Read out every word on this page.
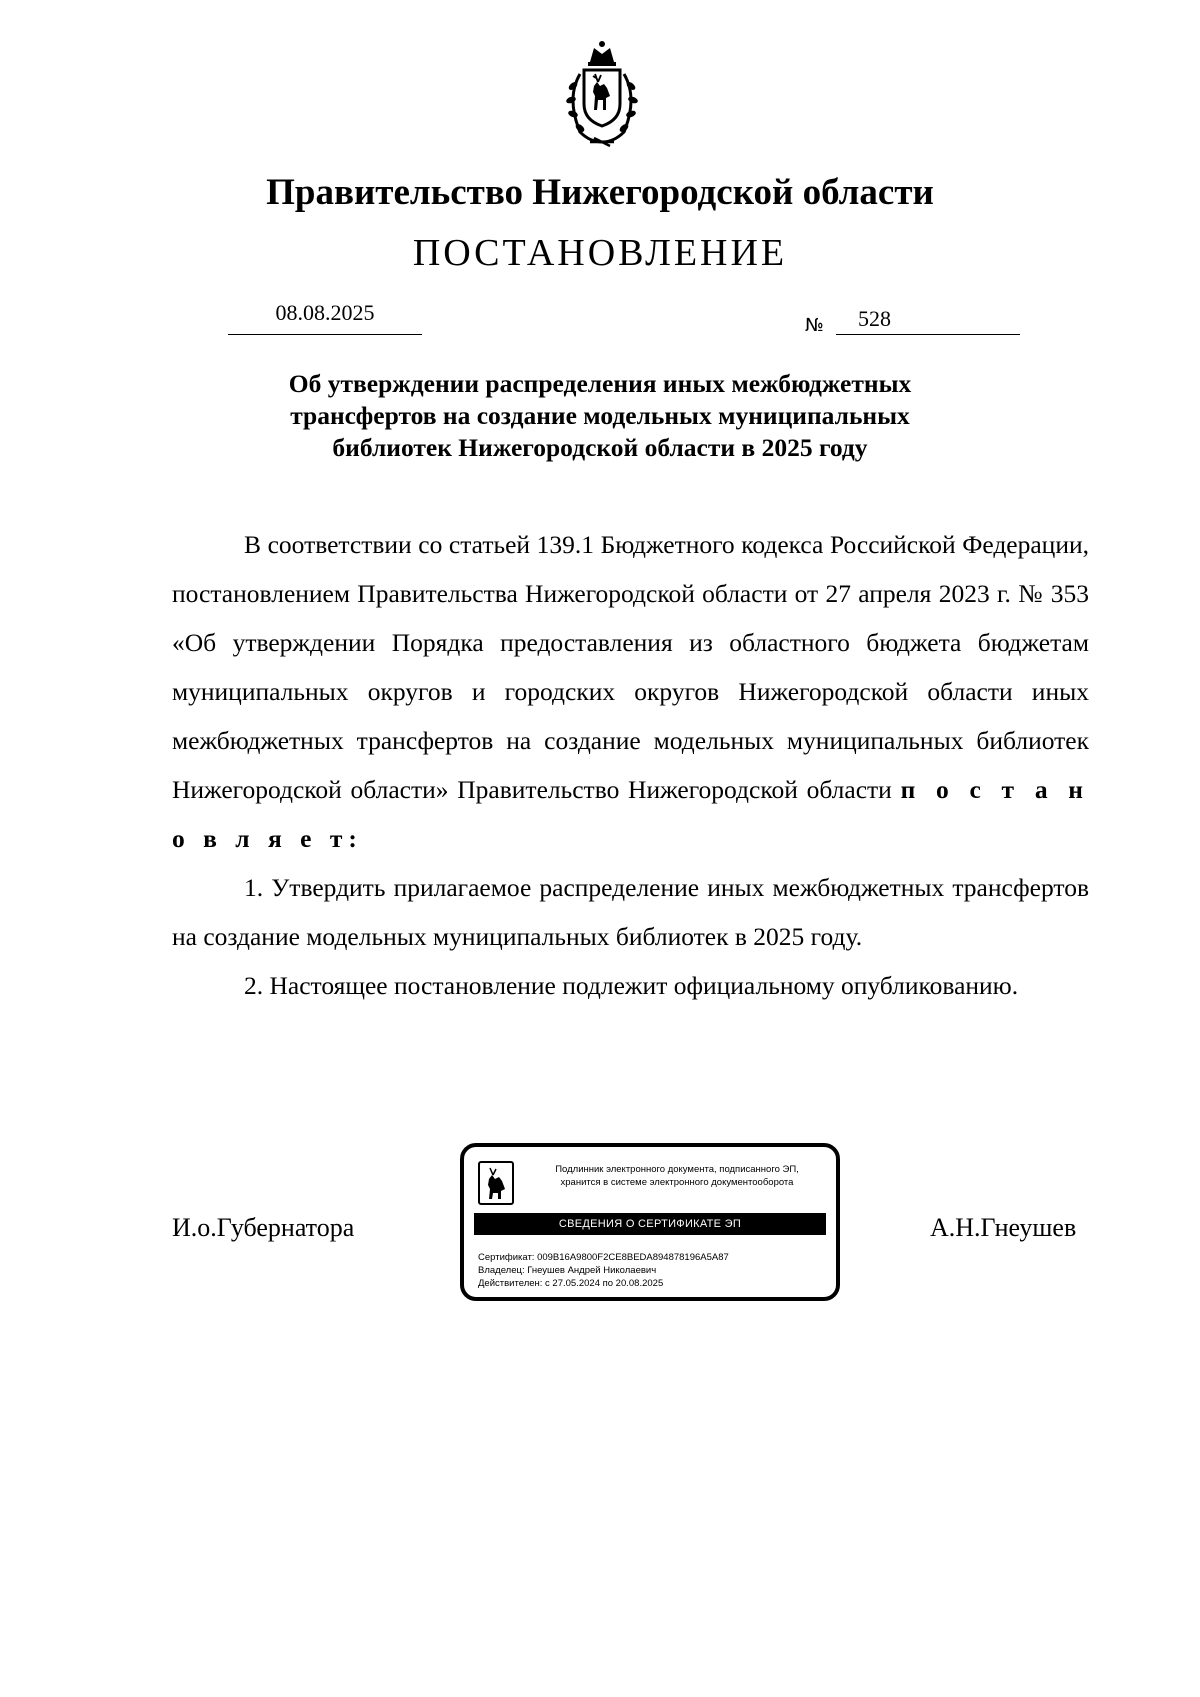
Правительство Нижегородской области
ПОСТАНОВЛЕНИЕ
08.08.2025
№ 528
Об утверждении распределения иных межбюджетных
трансфертов на создание модельных муниципальных
библиотек Нижегородской области в 2025 году

В соответствии со статьей 139.1 Бюджетного кодекса Российской Федерации, постановлением Правительства Нижегородской области от 27 апреля 2023 г. № 353 «Об утверждении Порядка предоставления из областного бюджета бюджетам муниципальных округов и городских округов Нижегородской области иных межбюджетных трансфертов на создание модельных муниципальных библиотек Нижегородской области» Правительство Нижегородской области п о с т а н о в л я е т:

1. Утвердить прилагаемое распределение иных межбюджетных трансфертов на создание модельных муниципальных библиотек в 2025 году.

2. Настоящее постановление подлежит официальному опубликованию.

И.о.Губернатора
Подлинник электронного документа, подписанного ЭП,
хранится в системе электронного документооборота
СВЕДЕНИЯ О СЕРТИФИКАТЕ ЭП
Сертификат: 009B16A9800F2CE8BEDA894878196A5A87
Владелец: Гнеушев Андрей Николаевич
Действителен: с 27.05.2024 по 20.08.2025
А.Н.Гнеушев
